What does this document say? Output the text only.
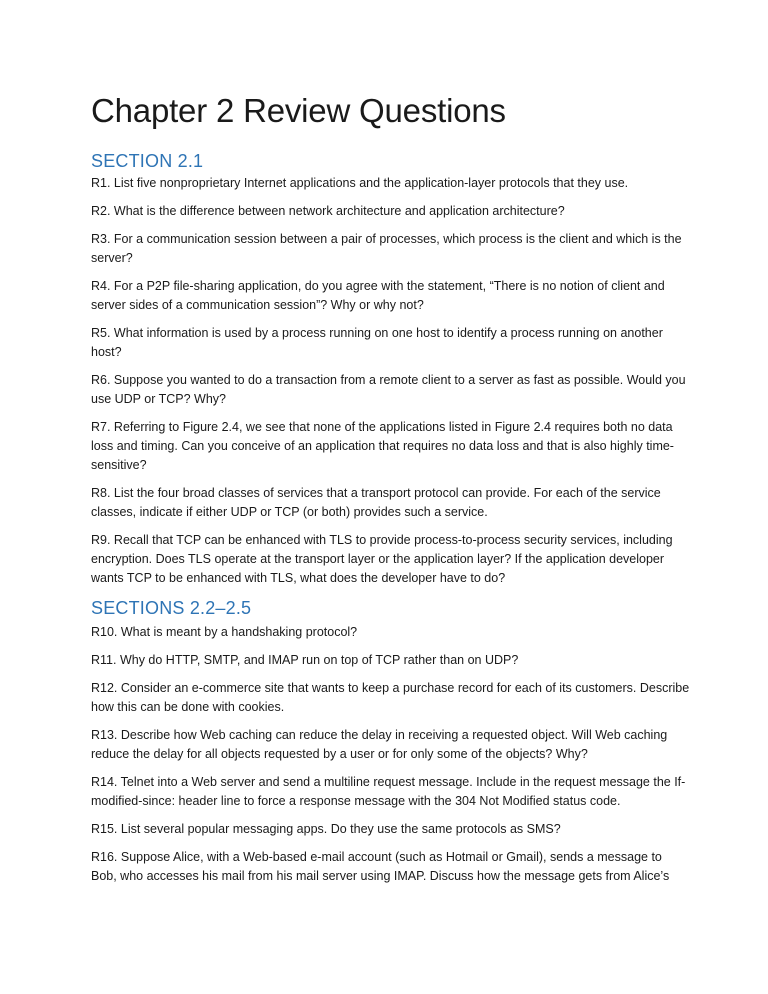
Chapter 2 Review Questions
SECTION 2.1

R1. List five nonproprietary Internet applications and the application-layer protocols that they use.

R2. What is the difference between network architecture and application architecture?

R3. For a communication session between a pair of processes, which process is the client and which is the server?

R4. For a P2P file-sharing application, do you agree with the statement, “There is no notion of client and server sides of a communication session”? Why or why not?

R5. What information is used by a process running on one host to identify a process running on another host?

R6. Suppose you wanted to do a transaction from a remote client to a server as fast as possible. Would you use UDP or TCP? Why?

R7. Referring to Figure 2.4, we see that none of the applications listed in Figure 2.4 requires both no data loss and timing. Can you conceive of an application that requires no data loss and that is also highly time-sensitive?

R8. List the four broad classes of services that a transport protocol can provide. For each of the service classes, indicate if either UDP or TCP (or both) provides such a service.

R9. Recall that TCP can be enhanced with TLS to provide process-to-process security services, including encryption. Does TLS operate at the transport layer or the application layer? If the application developer wants TCP to be enhanced with TLS, what does the developer have to do?

SECTIONS 2.2–2.5

R10. What is meant by a handshaking protocol?

R11. Why do HTTP, SMTP, and IMAP run on top of TCP rather than on UDP?

R12. Consider an e-commerce site that wants to keep a purchase record for each of its customers. Describe how this can be done with cookies.

R13. Describe how Web caching can reduce the delay in receiving a requested object. Will Web caching reduce the delay for all objects requested by a user or for only some of the objects? Why?

R14. Telnet into a Web server and send a multiline request message. Include in the request message the If-modified-since: header line to force a response message with the 304 Not Modified status code.

R15. List several popular messaging apps. Do they use the same protocols as SMS?

R16. Suppose Alice, with a Web-based e-mail account (such as Hotmail or Gmail), sends a message to Bob, who accesses his mail from his mail server using IMAP. Discuss how the message gets from Alice’s
